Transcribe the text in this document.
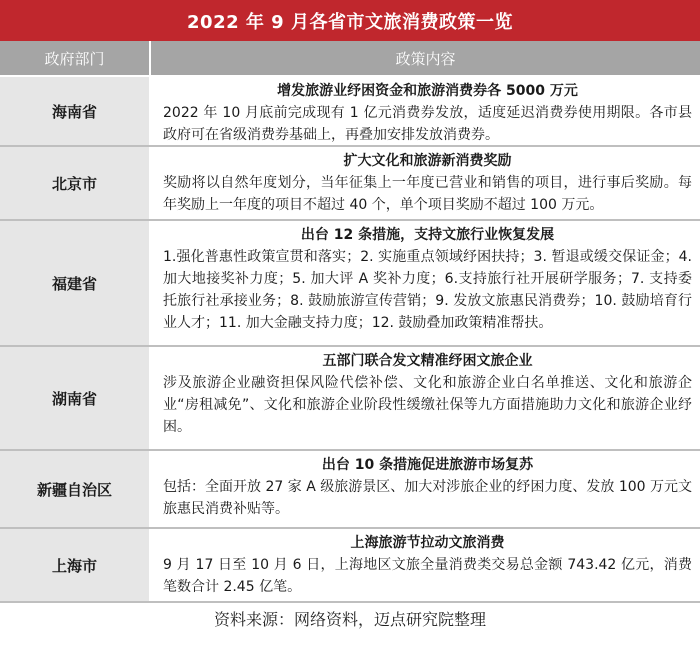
2022 年 9 月各省市文旅消费政策一览
政府部门	政策内容
海南省
增发旅游业纾困资金和旅游消费券各 5000 万元
2022 年 10 月底前完成现有 1 亿元消费券发放，适度延迟消费券使用期限。各市县政府可在省级消费券基础上，再叠加安排发放消费券。
北京市
扩大文化和旅游新消费奖励
奖励将以自然年度划分，当年征集上一年度已营业和销售的项目，进行事后奖励。每年奖励上一年度的项目不超过 40 个，单个项目奖励不超过 100 万元。
福建省
出台 12 条措施，支持文旅行业恢复发展
1.强化普惠性政策宣贯和落实；2. 实施重点领域纾困扶持；3. 暂退或缓交保证金；4. 加大地接奖补力度；5. 加大评 A 奖补力度；6.支持旅行社开展研学服务；7. 支持委托旅行社承接业务；8. 鼓励旅游宣传营销；9. 发放文旅惠民消费券；10. 鼓励培育行业人才；11. 加大金融支持力度；12. 鼓励叠加政策精准帮扶。
湖南省
五部门联合发文精准纾困文旅企业
涉及旅游企业融资担保风险代偿补偿、文化和旅游企业白名单推送、文化和旅游企业“房租减免”、文化和旅游企业阶段性缓缴社保等九方面措施助力文化和旅游企业纾困。
新疆自治区
出台 10 条措施促进旅游市场复苏
包括：全面开放 27 家 A 级旅游景区、加大对涉旅企业的纾困力度、发放 100 万元文旅惠民消费补贴等。
上海市
上海旅游节拉动文旅消费
9 月 17 日至 10 月 6 日，上海地区文旅全量消费类交易总金额 743.42 亿元，消费笔数合计 2.45 亿笔。
资料来源：网络资料，迈点研究院整理
